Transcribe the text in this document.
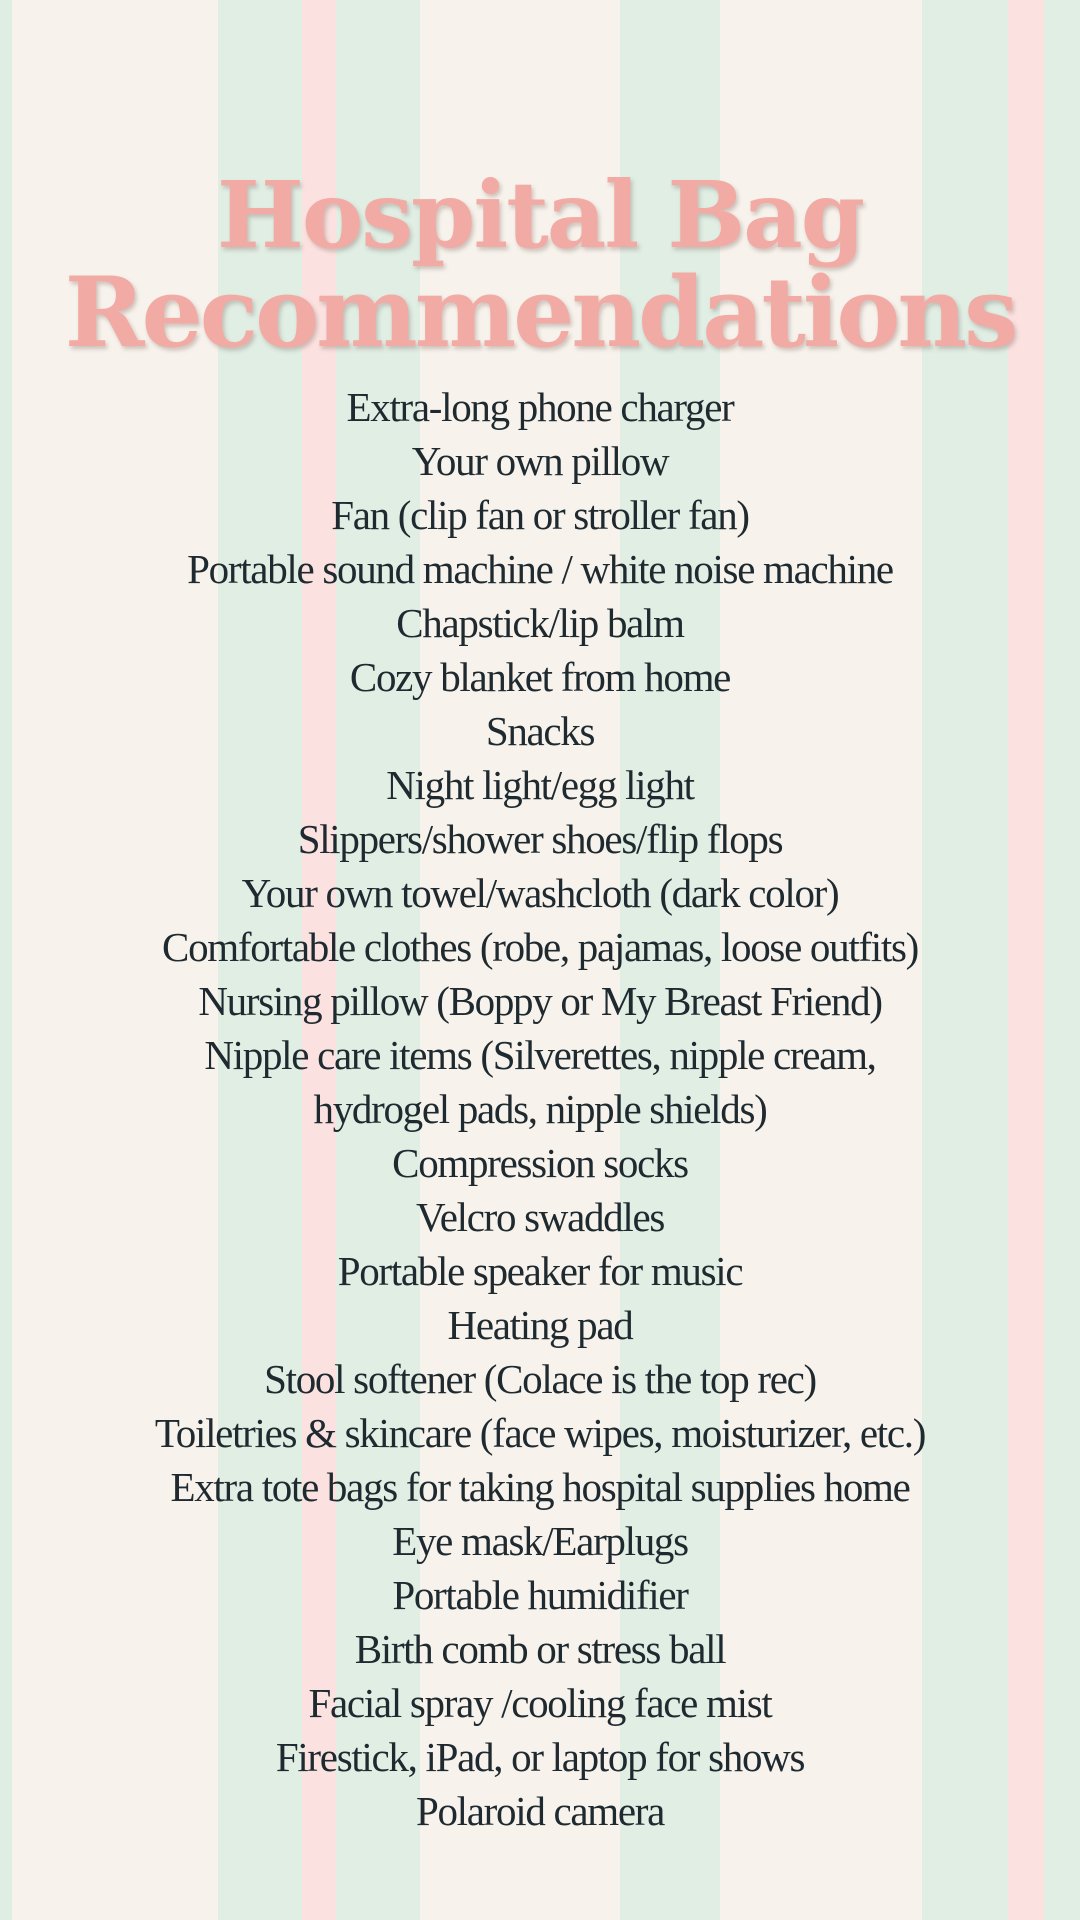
Hospital Bag
Recommendations
Extra-long phone charger
Your own pillow
Fan (clip fan or stroller fan)
Portable sound machine / white noise machine
Chapstick/lip balm
Cozy blanket from home
Snacks
Night light/egg light
Slippers/shower shoes/flip flops
Your own towel/washcloth (dark color)
Comfortable clothes (robe, pajamas, loose outfits)
Nursing pillow (Boppy or My Breast Friend)
Nipple care items (Silverettes, nipple cream,
hydrogel pads, nipple shields)
Compression socks
Velcro swaddles
Portable speaker for music
Heating pad
Stool softener (Colace is the top rec)
Toiletries & skincare (face wipes, moisturizer, etc.)
Extra tote bags for taking hospital supplies home
Eye mask/Earplugs
Portable humidifier
Birth comb or stress ball
Facial spray /cooling face mist
Firestick, iPad, or laptop for shows
Polaroid camera
